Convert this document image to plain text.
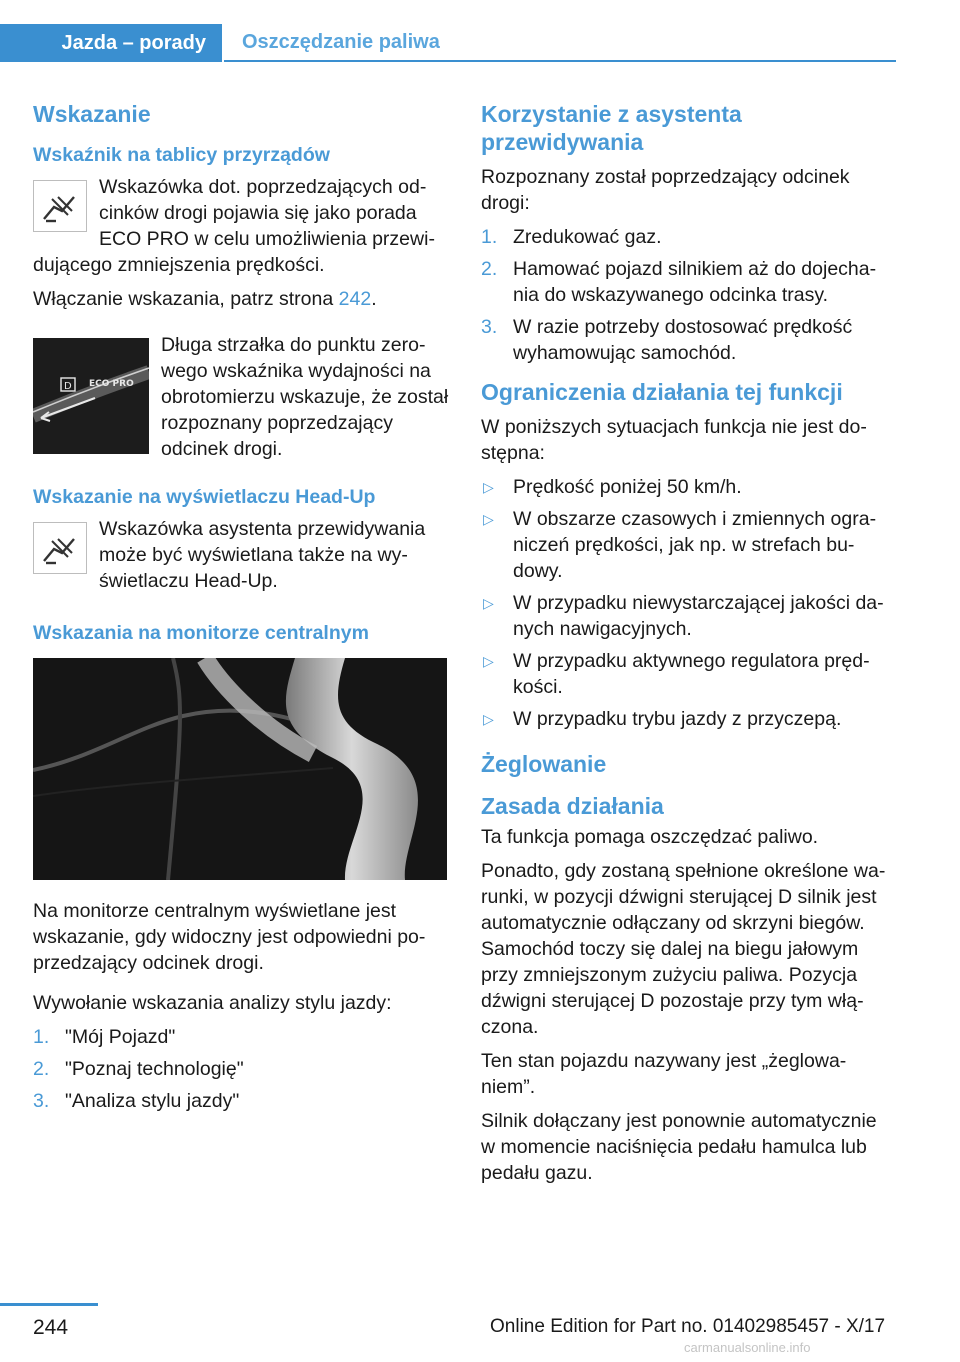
Jazda – porady	Oszczędzanie paliwa
Wskazanie
Wskaźnik na tablicy przyrządów

Wskazówka dot. poprzedzających odcinków drogi pojawia się jako porada ECO PRO w celu umożliwienia przewidującego zmniejszenia prędkości.

Włączanie wskazania, patrz strona 242.

D ECO PRO

Długa strzałka do punktu zerowego wskaźnika wydajności na obrotomierzu wskazuje, że został rozpoznany poprzedzający odcinek drogi.

Wskazanie na wyświetlaczu Head-Up

Wskazówka asystenta przewidywania może być wyświetlana także na wyświetlaczu Head-Up.

Wskazania na monitorze centralnym

Na monitorze centralnym wyświetlane jest wskazanie, gdy widoczny jest odpowiedni poprzedzający odcinek drogi.

Wywołanie wskazania analizy stylu jazdy:

1. "Mój Pojazd"
2. "Poznaj technologię"
3. "Analiza stylu jazdy"
Korzystanie z asystenta przewidywania

Rozpoznany został poprzedzający odcinek drogi:

1. Zredukować gaz.
2. Hamować pojazd silnikiem aż do dojechania do wskazywanego odcinka trasy.
3. W razie potrzeby dostosować prędkość wyhamowując samochód.
Ograniczenia działania tej funkcji

W poniższych sytuacjach funkcja nie jest dostępna:

▷ Prędkość poniżej 50 km/h.
▷ W obszarze czasowych i zmiennych ograniczeń prędkości, jak np. w strefach budowy.
▷ W przypadku niewystarczającej jakości danych nawigacyjnych.
▷ W przypadku aktywnego regulatora prędkości.
▷ W przypadku trybu jazdy z przyczepą.
Żeglowanie
Zasada działania

Ta funkcja pomaga oszczędzać paliwo.

Ponadto, gdy zostaną spełnione określone warunki, w pozycji dźwigni sterującej D silnik jest automatycznie odłączany od skrzyni biegów. Samochód toczy się dalej na biegu jałowym przy zmniejszonym zużyciu paliwa. Pozycja dźwigni sterującej D pozostaje przy tym włączona.

Ten stan pojazdu nazywany jest „żeglowaniem”.

Silnik dołączany jest ponownie automatycznie w momencie naciśnięcia pedału hamulca lub pedału gazu.

244	Online Edition for Part no. 01402985457 - X/17
carmanualsonline.info
